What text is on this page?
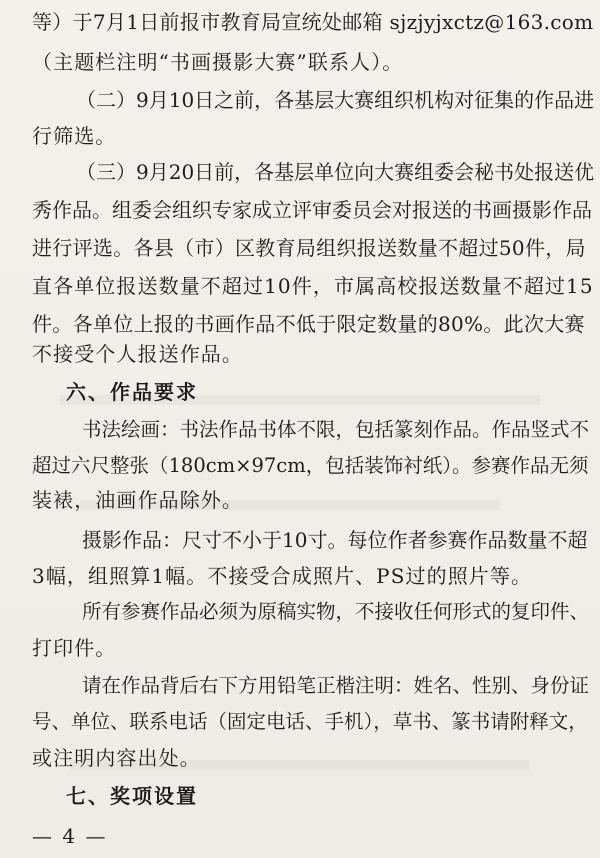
等）于7月1日前报市教育局宣统处邮箱 sjzjyjxctz@163.com
（主题栏注明“书画摄影大赛”联系人）。
（二）9月10日之前，各基层大赛组织机构对征集的作品进
行筛选。
（三）9月20日前，各基层单位向大赛组委会秘书处报送优
秀作品。组委会组织专家成立评审委员会对报送的书画摄影作品
进行评选。各县（市）区教育局组织报送数量不超过50件，局
直各单位报送数量不超过10件，市属高校报送数量不超过15
件。各单位上报的书画作品不低于限定数量的80%。此次大赛
不接受个人报送作品。
六、作品要求
书法绘画：书法作品书体不限，包括篆刻作品。作品竖式不
超过六尺整张（180cm×97cm，包括装饰衬纸）。参赛作品无须
装裱，油画作品除外。
摄影作品：尺寸不小于10寸。每位作者参赛作品数量不超
3幅，组照算1幅。不接受合成照片、PS过的照片等。
所有参赛作品必须为原稿实物，不接收任何形式的复印件、
打印件。
请在作品背后右下方用铅笔正楷注明：姓名、性别、身份证
号、单位、联系电话（固定电话、手机），草书、篆书请附释文，
或注明内容出处。
七、奖项设置
— 4 —
